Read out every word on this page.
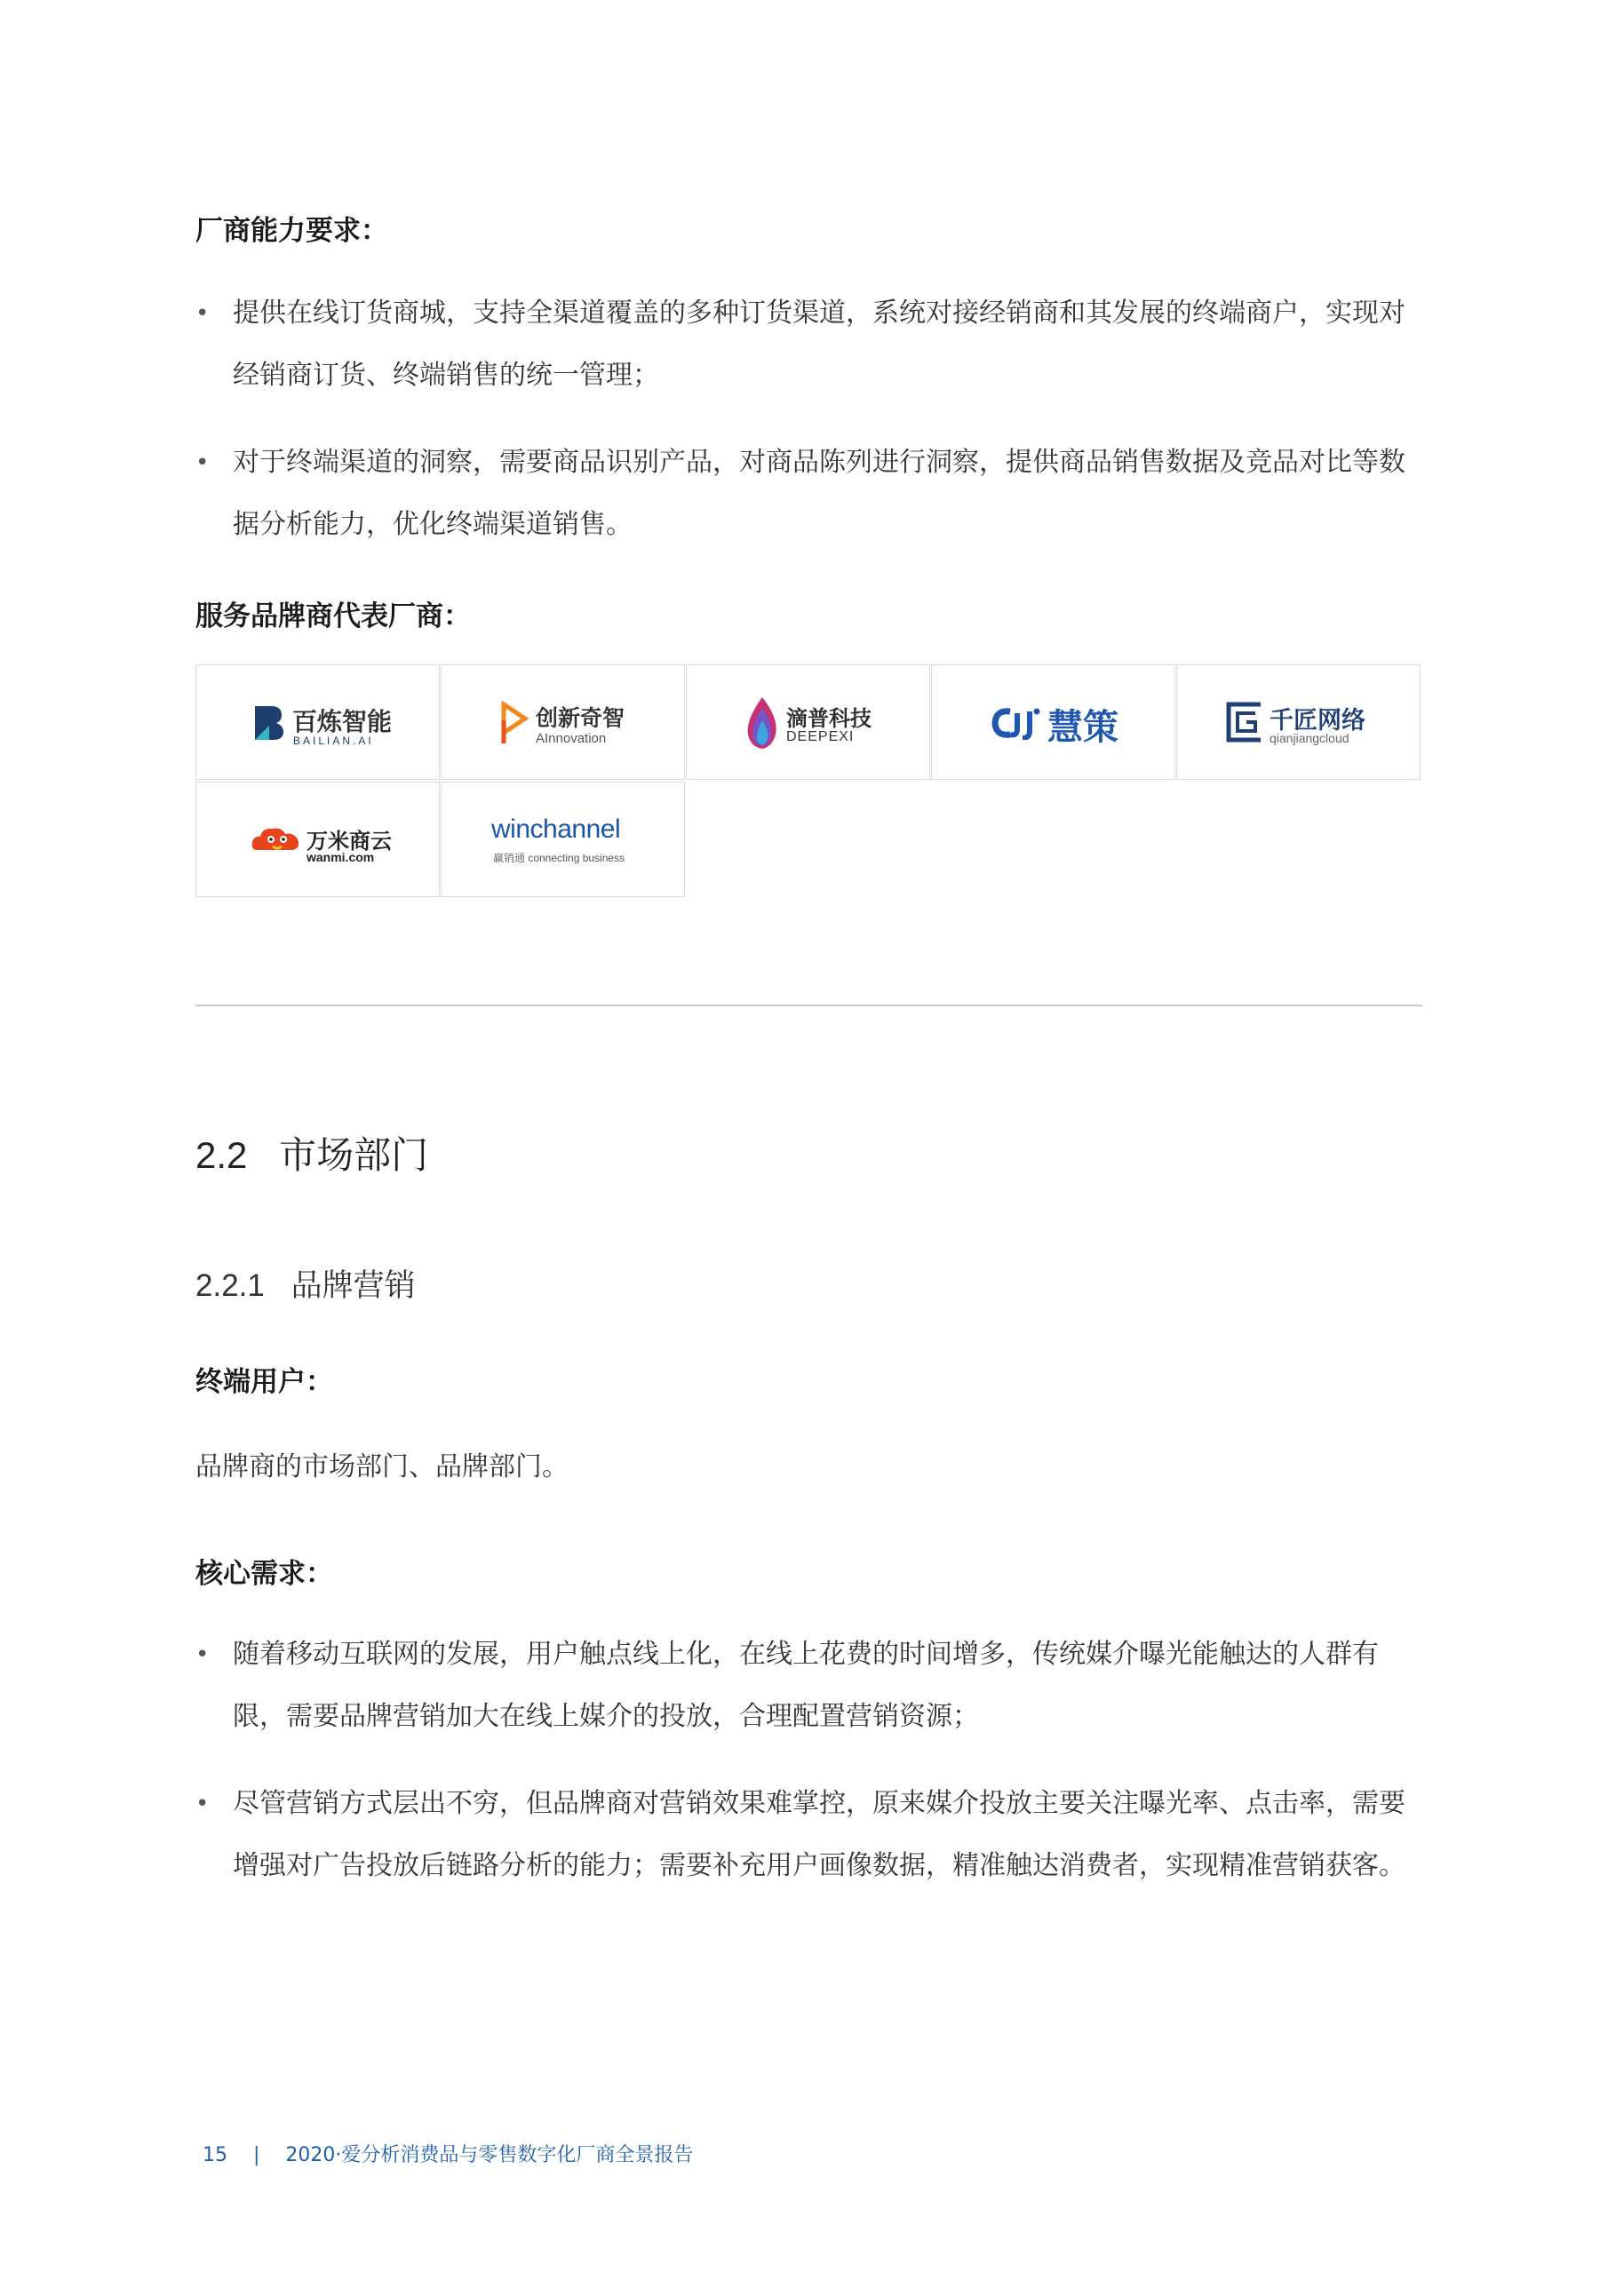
厂商能力要求：
• 提供在线订货商城，支持全渠道覆盖的多种订货渠道，系统对接经销商和其发展的终端商户，实现对经销商订货、终端销售的统一管理；
• 对于终端渠道的洞察，需要商品识别产品，对商品陈列进行洞察，提供商品销售数据及竞品对比等数据分析能力，优化终端渠道销售。
服务品牌商代表厂商：
百炼智能
BAILIAN.AI
创新奇智
AInnovation
滴普科技
DEEPEXI	慧策	千匠网络
qianjiangcloud
万米商云
wanmi.com
winchannel
赢销通 connecting business
2.2 市场部门
2.2.1 品牌营销
终端用户：
品牌商的市场部门、品牌部门。
核心需求：
• 随着移动互联网的发展，用户触点线上化，在线上花费的时间增多，传统媒介曝光能触达的人群有限，需要品牌营销加大在线上媒介的投放，合理配置营销资源；
• 尽管营销方式层出不穷，但品牌商对营销效果难掌控，原来媒介投放主要关注曝光率、点击率，需要增强对广告投放后链路分析的能力；需要补充用户画像数据，精准触达消费者，实现精准营销获客。
15 | 2020·爱分析消费品与零售数字化厂商全景报告
